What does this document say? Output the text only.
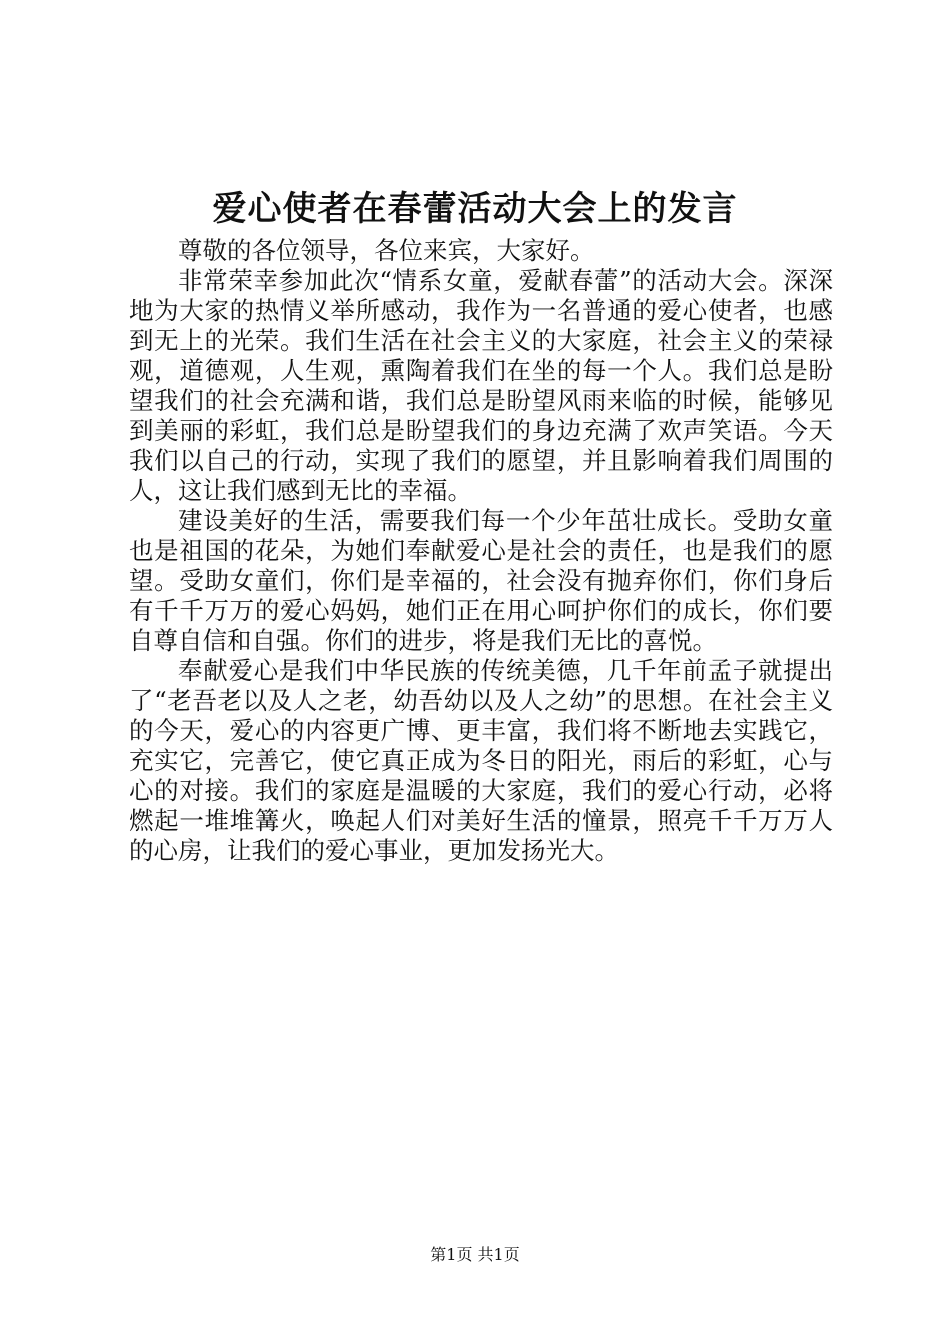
爱心使者在春蕾活动大会上的发言

尊敬的各位领导，各位来宾，大家好。

非常荣幸参加此次“情系女童，爱献春蕾”的活动大会。深深地为大家的热情义举所感动，我作为一名普通的爱心使者，也感到无上的光荣。我们生活在社会主义的大家庭，社会主义的荣禄观，道德观，人生观，熏陶着我们在坐的每一个人。我们总是盼望我们的社会充满和谐，我们总是盼望风雨来临的时候，能够见到美丽的彩虹，我们总是盼望我们的身边充满了欢声笑语。今天我们以自己的行动，实现了我们的愿望，并且影响着我们周围的人，这让我们感到无比的幸福。

建设美好的生活，需要我们每一个少年茁壮成长。受助女童也是祖国的花朵，为她们奉献爱心是社会的责任，也是我们的愿望。受助女童们，你们是幸福的，社会没有抛弃你们，你们身后有千千万万的爱心妈妈，她们正在用心呵护你们的成长，你们要自尊自信和自强。你们的进步，将是我们无比的喜悦。

奉献爱心是我们中华民族的传统美德，几千年前孟子就提出了“老吾老以及人之老，幼吾幼以及人之幼”的思想。在社会主义的今天，爱心的内容更广博、更丰富，我们将不断地去实践它，充实它，完善它，使它真正成为冬日的阳光，雨后的彩虹，心与心的对接。我们的家庭是温暖的大家庭，我们的爱心行动，必将燃起一堆堆篝火，唤起人们对美好生活的憧景，照亮千千万万人的心房，让我们的爱心事业，更加发扬光大。

第1页 共1页
